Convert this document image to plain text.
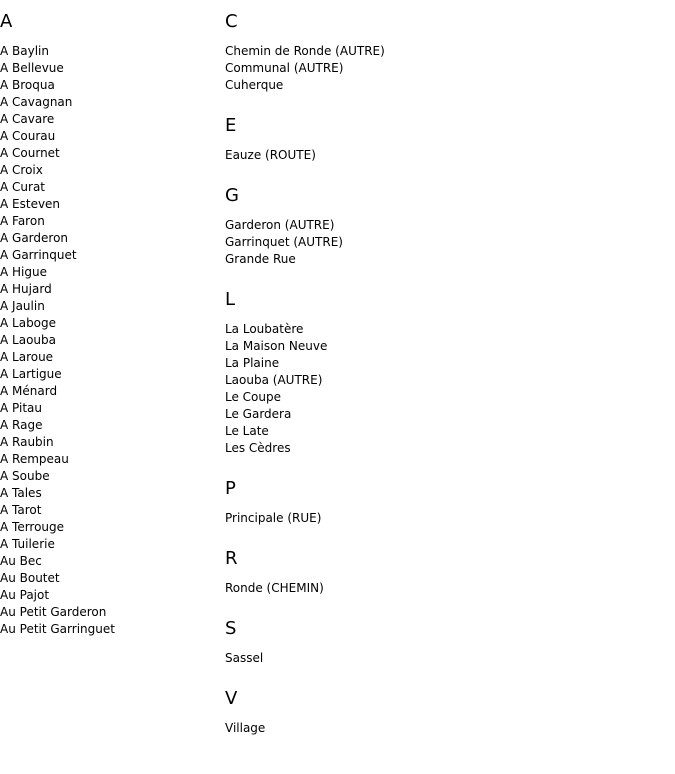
A
A Baylin
A Bellevue
A Broqua
A Cavagnan
A Cavare
A Courau
A Cournet
A Croix
A Curat
A Esteven
A Faron
A Garderon
A Garrinquet
A Higue
A Hujard
A Jaulin
A Laboge
A Laouba
A Laroue
A Lartigue
A Ménard
A Pitau
A Rage
A Raubin
A Rempeau
A Soube
A Tales
A Tarot
A Terrouge
A Tuilerie
Au Bec
Au Boutet
Au Pajot
Au Petit Garderon
Au Petit Garringuet
C
Chemin de Ronde (AUTRE)
Communal (AUTRE)
Cuherque
E
Eauze (ROUTE)
G
Garderon (AUTRE)
Garrinquet (AUTRE)
Grande Rue
L
La Loubatère
La Maison Neuve
La Plaine
Laouba (AUTRE)
Le Coupe
Le Gardera
Le Late
Les Cèdres
P
Principale (RUE)
R
Ronde (CHEMIN)
S
Sassel
V
Village
